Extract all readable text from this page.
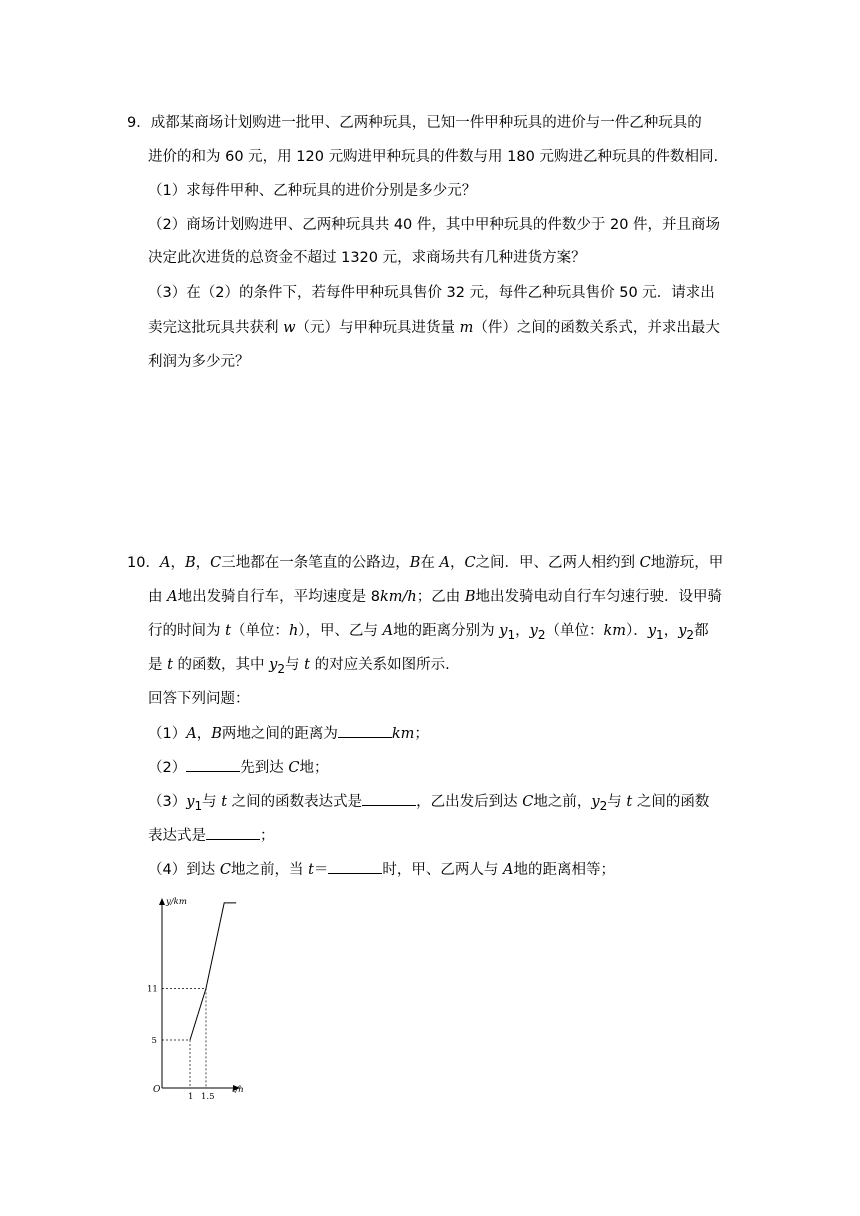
9．成都某商场计划购进一批甲、乙两种玩具，已知一件甲种玩具的进价与一件乙种玩具的
进价的和为 60 元，用 120 元购进甲种玩具的件数与用 180 元购进乙种玩具的件数相同.
（1）求每件甲种、乙种玩具的进价分别是多少元？
（2）商场计划购进甲、乙两种玩具共 40 件，其中甲种玩具的件数少于 20 件，并且商场
决定此次进货的总资金不超过 1320 元，求商场共有几种进货方案？
（3）在（2）的条件下，若每件甲种玩具售价 32 元，每件乙种玩具售价 50 元．请求出
卖完这批玩具共获利 w（元）与甲种玩具进货量 m（件）之间的函数关系式，并求出最大
利润为多少元？
10．A，B，C三地都在一条笔直的公路边，B在 A，C之间．甲、乙两人相约到 C地游玩，甲
由 A地出发骑自行车，平均速度是 8km/h；乙由 B地出发骑电动自行车匀速行驶．设甲骑
行的时间为 t（单位：h），甲、乙与 A地的距离分别为 $y_1$，$y_2$（单位：km）．$y_1$，$y_2$都
是 t 的函数，其中 $y_2$与 t 的对应关系如图所示.
回答下列问题：
（1）A，B两地之间的距离为	km；
（2）	先到达 C地；
$(3)y_1$与 t 之间的函数表达式是	，乙出发后到达 C地之前，$y_2$与 t 之间的函数
表达式是	；
（4）到达 C地之前，当 t＝	时，甲、乙两人与 A地的距离相等；
y/km
t/h
O
1 1.5
5
11
